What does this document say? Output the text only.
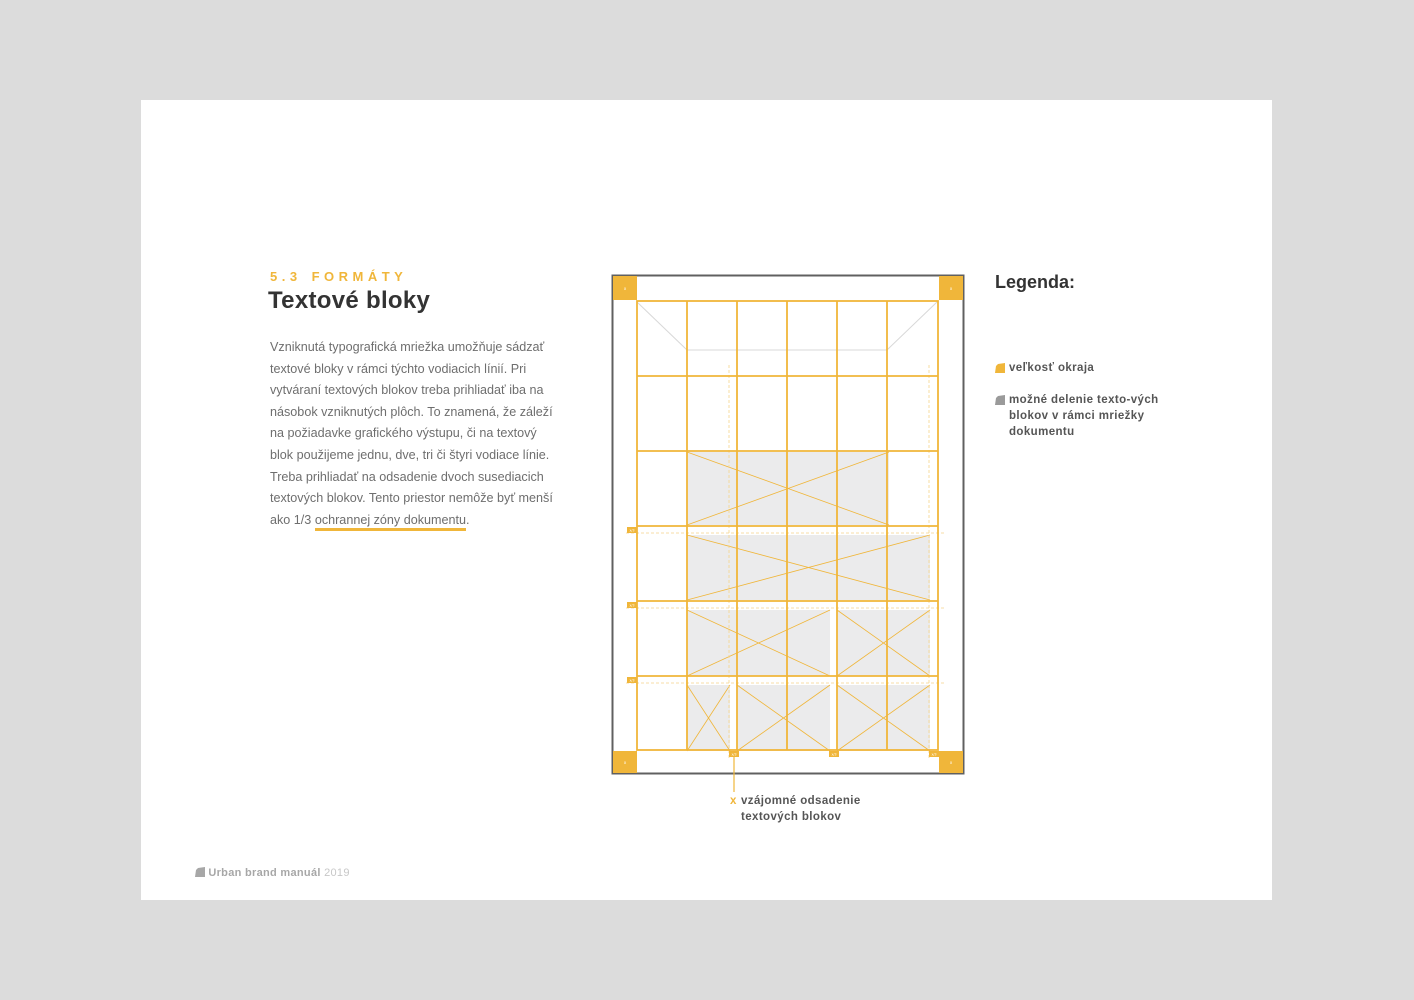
5.3 FORMÁTY
Textové bloky
Vzniknutá typografická mriežka umožňuje sádzať textové bloky v rámci týchto vodiacich línií. Pri vytváraní textových blokov treba prihliadať iba na násobok vzniknutých plôch. To znamená, že záleží na požiadavke grafického výstupu, či na textový blok použijeme jednu, dve, tri či štyri vodiace línie. Treba prihliadať na odsadenie dvoch susediacich textových blokov. Tento priestor nemôže byť menší ako 1/3 ochrannej zóny dokumentu.
x	x
x	x
x/3
x/3
x/3
x/3	x/3	x/3
x vzájomné odsadenie textových blokov
Legenda:
veľkosť okraja
možné delenie texto-vých blokov v rámci mriežky dokumentu
Urban brand manuál 2019
